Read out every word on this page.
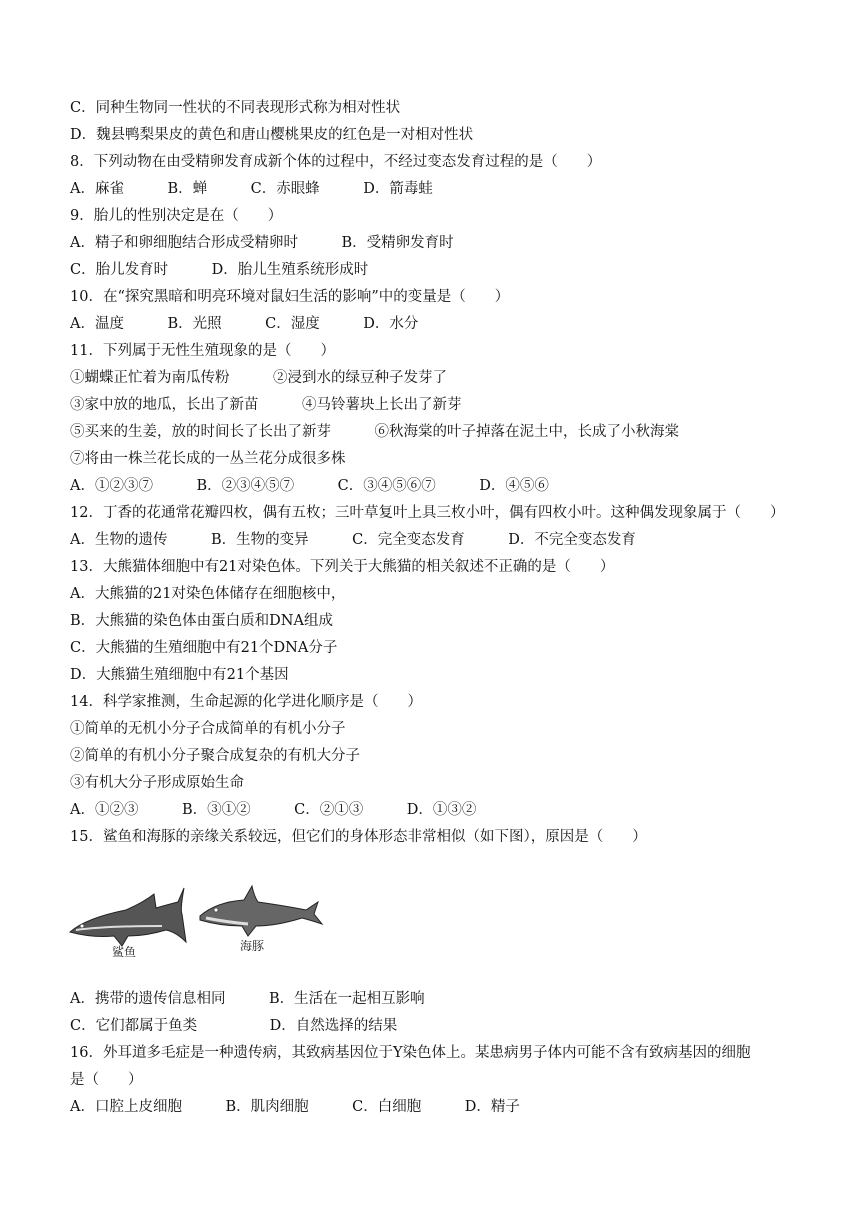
C．同种生物同一性状的不同表现形式称为相对性状
D．魏县鸭梨果皮的黄色和唐山樱桃果皮的红色是一对相对性状
8．下列动物在由受精卵发育成新个体的过程中，不经过变态发育过程的是（　　）
A．麻雀　　　B．蝉　　　C．赤眼蜂　　　D．箭毒蛙
9．胎儿的性别决定是在（　　）
A．精子和卵细胞结合形成受精卵时　　　B．受精卵发育时
C．胎儿发育时　　　D．胎儿生殖系统形成时
10．在“探究黑暗和明亮环境对鼠妇生活的影响”中的变量是（　　）
A．温度　　　B．光照　　　C．湿度　　　D．水分
11．下列属于无性生殖现象的是（　　）
①蝴蝶正忙着为南瓜传粉　　　②浸到水的绿豆种子发芽了
③家中放的地瓜，长出了新苗　　　④马铃薯块上长出了新芽
⑤买来的生姜，放的时间长了长出了新芽　　　⑥秋海棠的叶子掉落在泥土中，长成了小秋海棠
⑦将由一株兰花长成的一丛兰花分成很多株
A．①②③⑦　　　B．②③④⑤⑦　　　C．③④⑤⑥⑦　　　D．④⑤⑥
12．丁香的花通常花瓣四枚，偶有五枚；三叶草复叶上具三枚小叶，偶有四枚小叶。这种偶发现象属于（　　）
A．生物的遗传　　　B．生物的变异　　　C．完全变态发育　　　D．不完全变态发育
13．大熊猫体细胞中有21对染色体。下列关于大熊猫的相关叙述不正确的是（　　）
A．大熊猫的21对染色体储存在细胞核中，
B．大熊猫的染色体由蛋白质和DNA组成
C．大熊猫的生殖细胞中有21个DNA分子
D．大熊猫生殖细胞中有21个基因
14．科学家推测，生命起源的化学进化顺序是（　　）
①简单的无机小分子合成简单的有机小分子
②简单的有机小分子聚合成复杂的有机大分子
③有机大分子形成原始生命
A．①②③　　　B．③①②　　　C．②①③　　　D．①③②
15．鲨鱼和海豚的亲缘关系较远，但它们的身体形态非常相似（如下图），原因是（　　）
鲨鱼	海豚
A．携带的遗传信息相同　　　B．生活在一起相互影响
C．它们都属于鱼类　　　　　D．自然选择的结果
16．外耳道多毛症是一种遗传病，其致病基因位于Y染色体上。某患病男子体内可能不含有致病基因的细胞
是（　　）
A．口腔上皮细胞　　　B．肌肉细胞　　　C．白细胞　　　D．精子
